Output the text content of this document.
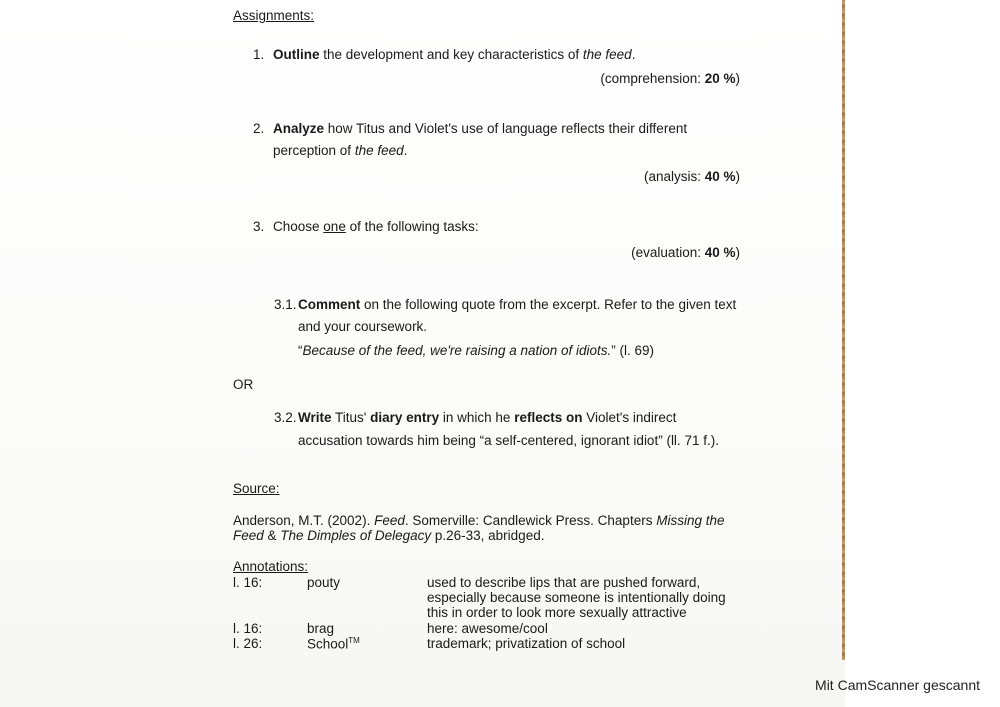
Assignments:
1. Outline the development and key characteristics of the feed.
(comprehension: 20 %)
2. Analyze how Titus and Violet's use of language reflects their different
perception of the feed.
(analysis: 40 %)
3. Choose one of the following tasks:
(evaluation: 40 %)
3.1. Comment on the following quote from the excerpt. Refer to the given text
and your coursework.
“Because of the feed, we're raising a nation of idiots.” (l. 69)
OR
3.2. Write Titus' diary entry in which he reflects on Violet's indirect
accusation towards him being “a self-centered, ignorant idiot” (ll. 71 f.).
Source:
Anderson, M.T. (2002). Feed. Somerville: Candlewick Press. Chapters Missing the
Feed & The Dimples of Delegacy p.26-33, abridged.
Annotations:
l. 16:	pouty	used to describe lips that are pushed forward,
especially because someone is intentionally doing
this in order to look more sexually attractive
l. 16:	brag	here: awesome/cool
l. 26:	School™	trademark; privatization of school
Mit CamScanner gescannt
